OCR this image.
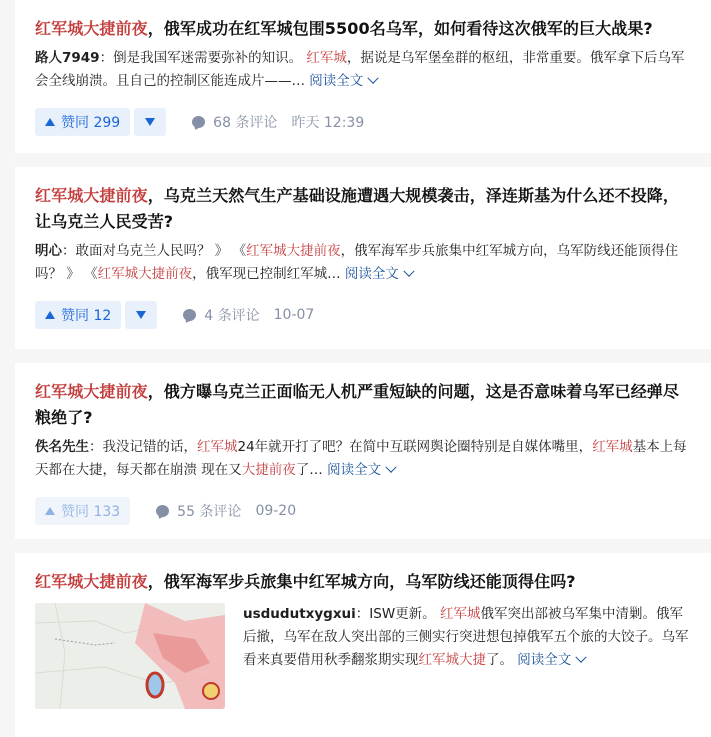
红军城大捷前夜，俄军成功在红军城包围5500名乌军，如何看待这次俄军的巨大战果?
路人7949：倒是我国军迷需要弥补的知识。 红军城，据说是乌军堡垒群的枢纽，非常重要。俄军拿下后乌军会全线崩溃。且自己的控制区能连成片——… 阅读全文
赞同 299	68 条评论 昨天 12:39
红军城大捷前夜，乌克兰天然气生产基础设施遭遇大规模袭击，泽连斯基为什么还不投降，让乌克兰人民受苦?
明心：敢面对乌克兰人民吗？ 》 《红军城大捷前夜，俄军海军步兵旅集中红军城方向，乌军防线还能顶得住吗？ 》 《红军城大捷前夜，俄军现已控制红军城… 阅读全文
赞同 12	4 条评论 10-07
红军城大捷前夜，俄方曝乌克兰正面临无人机严重短缺的问题，这是否意味着乌军已经弹尽粮绝了?
佚名先生：我没记错的话，红军城24年就开打了吧？在简中互联网舆论圈特别是自媒体嘴里，红军城基本上每天都在大捷，每天都在崩溃 现在又大捷前夜了… 阅读全文
赞同 133	55 条评论 09-20
红军城大捷前夜，俄军海军步兵旅集中红军城方向，乌军防线还能顶得住吗?
usdudutxygxui：ISW更新。 红军城俄军突出部被乌军集中清剿。俄军后撤，乌军在敌人突出部的三侧实行突进想包掉俄军五个旅的大饺子。乌军看来真要借用秋季翻浆期实现红军城大捷了。 阅读全文
